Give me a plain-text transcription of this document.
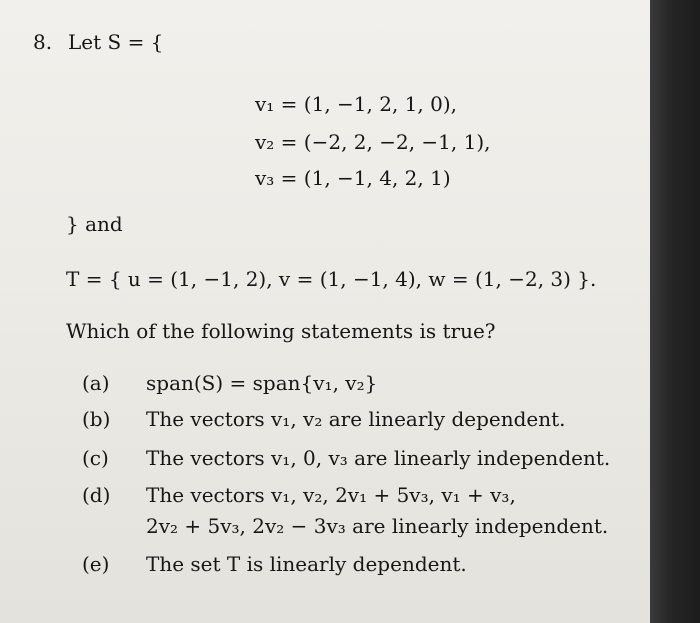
8. Let S = {
v₁ = (1, −1, 2, 1, 0),
v₂ = (−2, 2, −2, −1, 1),
v₃ = (1, −1, 4, 2, 1)
} and
T = { u = (1, −1, 2), v = (1, −1, 4), w = (1, −2, 3) }.
Which of the following statements is true?
(a) span(S) = span{v₁, v₂}
(b) The vectors v₁, v₂ are linearly dependent.
(c) The vectors v₁, 0, v₃ are linearly independent.
(d) The vectors v₁, v₂, 2v₁ + 5v₃, v₁ + v₃,
2v₂ + 5v₃, 2v₂ − 3v₃ are linearly independent.
(e) The set T is linearly dependent.
